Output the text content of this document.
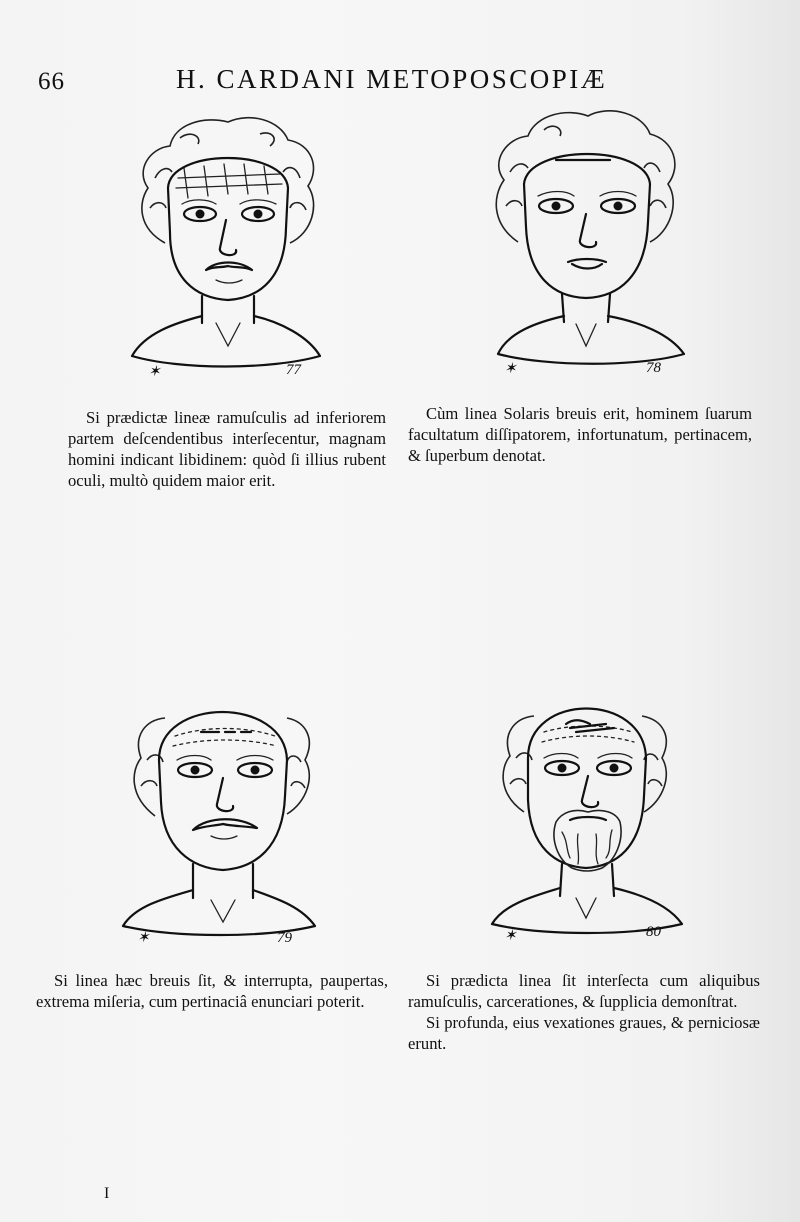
66	H. CARDANI METOPOSCOPIÆ
✶	77	✶	78

Si prædictæ lineæ ramuſculis ad inferiorem partem deſcendentibus interſecentur, magnam homini indicant libidinem: quòd ſi illius rubent oculi, multò quidem maior erit.

Cùm linea Solaris breuis erit, hominem ſuarum facultatum diſſipatorem, infortunatum, pertinacem, & ſuperbum denotat.

✶	79	✶	80

Si linea hæc breuis ſit, & interrupta, paupertas, extrema miſeria, cum pertinaciâ enunciari poterit.

Si prædicta linea ſit interſecta cum aliquibus ramuſculis, carcerationes, & ſupplicia demonſtrat.

Si profunda, eius vexationes graues, & perniciosæ erunt.

I
